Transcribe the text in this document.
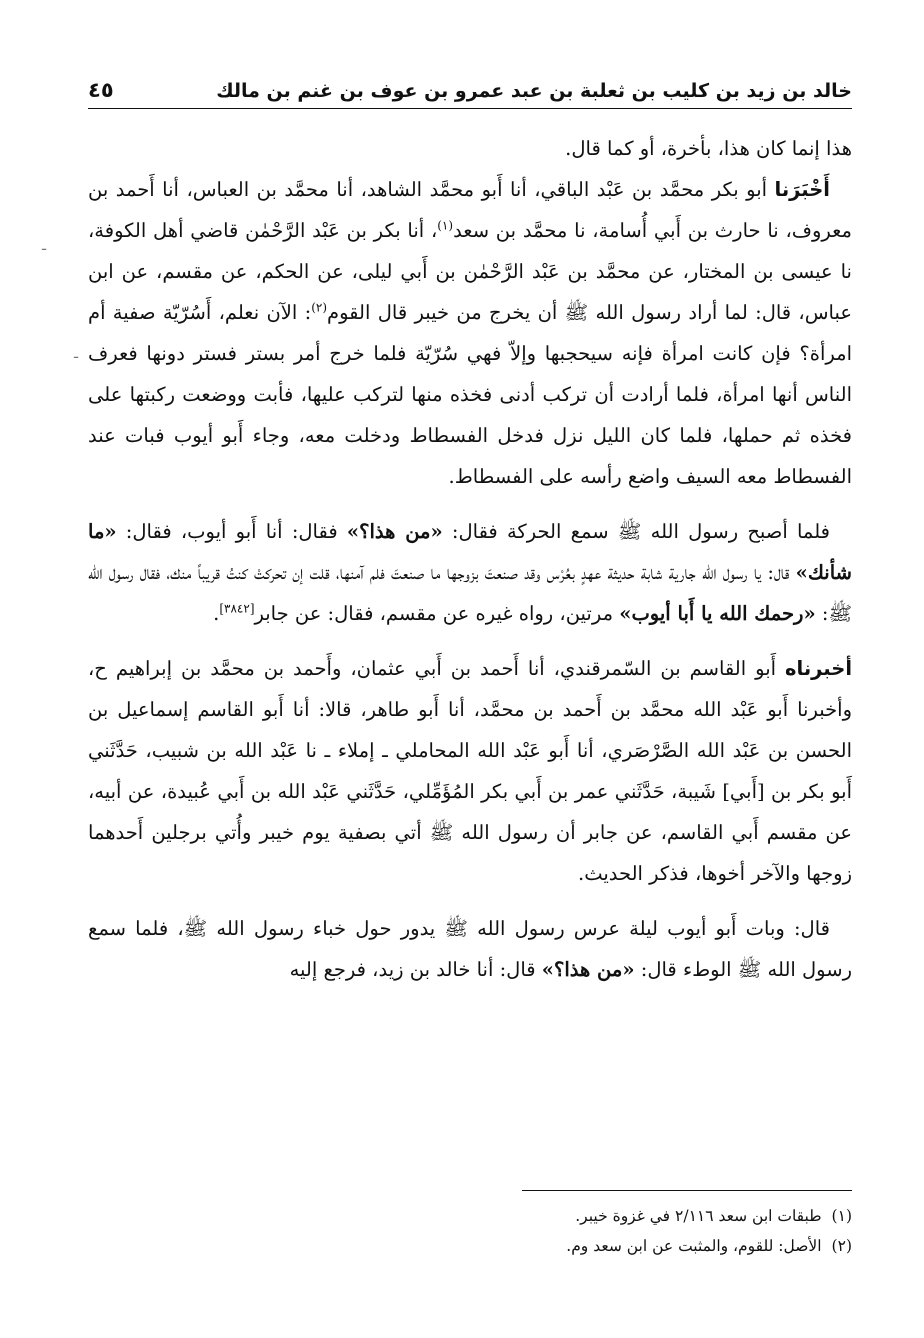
خالد بن زيد بن كليب بن ثعلبة بن عبد عمرو بن عوف بن غنم بن مالك
٤٥
ـ
ـ

هذا إنما كان هذا، بأخرة، أو كما قال.

أَخْبَرَنا أبو بكر محمَّد بن عَبْد الباقي، أنا أَبو محمَّد الشاهد، أنا محمَّد بن العباس، أنا أَحمد بن معروف، نا حارث بن أَبي أُسامة، نا محمَّد بن سعد$^{(١)}$، أنا بكر بن عَبْد الرَّحْمٰن قاضي أهل الكوفة، نا عيسى بن المختار، عن محمَّد بن عَبْد الرَّحْمٰن بن أَبي ليلى، عن الحكم، عن مقسم، عن ابن عباس، قال: لما أراد رسول الله ﷺ أن يخرج من خيبر قال القوم$^{(٢)}$: الآن نعلم، أَسُرّيّة صفية أم امرأة؟ فإن كانت امرأة فإنه سيحجبها وإلاّ فهي سُرّيّة فلما خرج أمر بستر فستر دونها فعرف الناس أنها امرأة، فلما أرادت أن تركب أدنى فخذه منها لتركب عليها، فأبت ووضعت ركبتها على فخذه ثم حملها، فلما كان الليل نزل فدخل الفسطاط ودخلت معه، وجاء أَبو أيوب فبات عند الفسطاط معه السيف واضع رأسه على الفسطاط.

فلما أصبح رسول الله ﷺ سمع الحركة فقال: «من هذا؟» فقال: أنا أَبو أيوب، فقال: «ما شأنك» قال: يا رسول الله جارية شابة حديثة عهدٍ بعُرْس وقد صنعتَ بزوجها ما صنعتَ فلم آمنها، قلت إن تحركتْ كنتُ قريباً منك، فقال رسول الله ﷺ: «رحمك الله يا أَبا أيوب» مرتين، رواه غيره عن مقسم، فقال: عن جابر[٣٨٤٢].

أخبرناه أَبو القاسم بن السّمرقندي، أنا أَحمد بن أَبي عثمان، وأَحمد بن محمَّد بن إبراهيم ح، وأخبرنا أَبو عَبْد الله محمَّد بن أَحمد بن محمَّد، أنا أَبو طاهر، قالا: أنا أَبو القاسم إسماعيل بن الحسن بن عَبْد الله الصَّرْصَري، أنا أَبو عَبْد الله المحاملي ـ إملاء ـ نا عَبْد الله بن شبيب، حَدَّثَني أَبو بكر بن [أَبي] شَيبة، حَدَّثَني عمر بن أَبي بكر المُؤَمِّلي، حَدَّثَني عَبْد الله بن أَبي عُبيدة، عن أبيه، عن مقسم أَبي القاسم، عن جابر أن رسول الله ﷺ أتي بصفية يوم خيبر وأُتي برجلين أَحدهما زوجها والآخر أخوها، فذكر الحديث.

قال: وبات أَبو أيوب ليلة عرس رسول الله ﷺ يدور حول خباء رسول الله ﷺ، فلما سمع رسول الله ﷺ الوطء قال: «من هذا؟» قال: أنا خالد بن زيد، فرجع إليه

(١)طبقات ابن سعد ٢/١١٦ في غزوة خيبر.

(٢)الأصل: للقوم، والمثبت عن ابن سعد وم.
